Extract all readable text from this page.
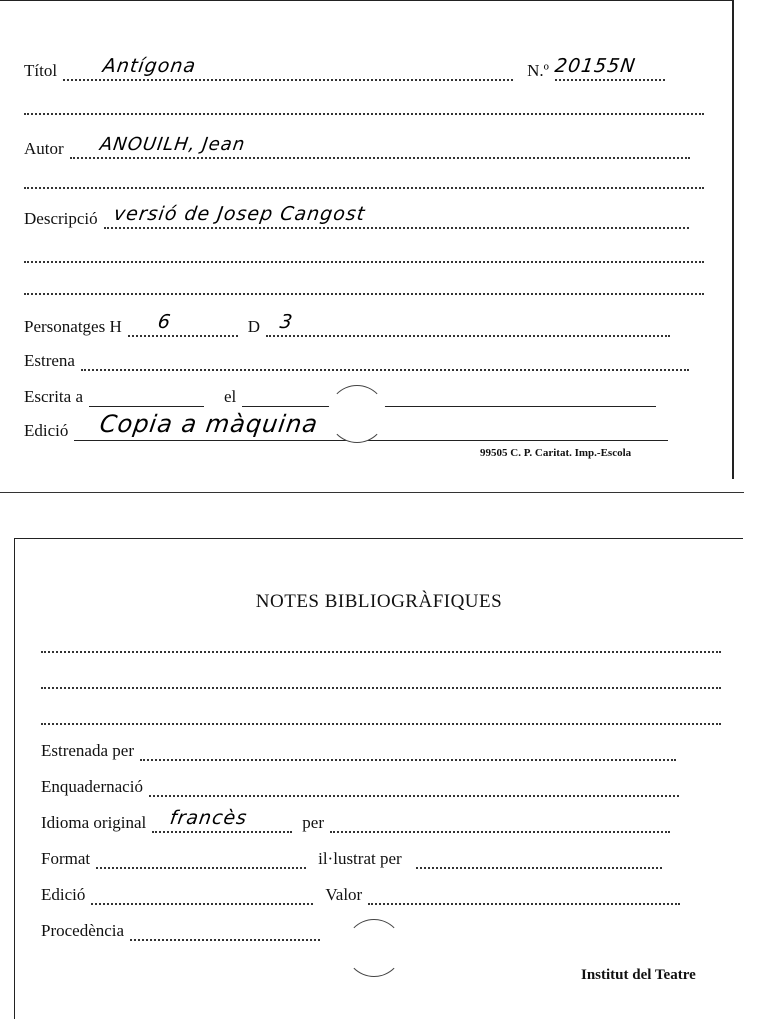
Títol	Antígona	N.º 20155N
Autor	ANOUILH, Jean
Descripció versió de Josep Cangost
Personatges H	6	D 3
Estrena
Escrita a	el
Edició Copia a màquina
99505 C. P. Caritat. Imp.-Escola
NOTES BIBLIOGRÀFIQUES
Estrenada per
Enquadernació
Idioma original	francès	per
Format	il·lustrat per
Edició	Valor
Procedència
Institut del Teatre
